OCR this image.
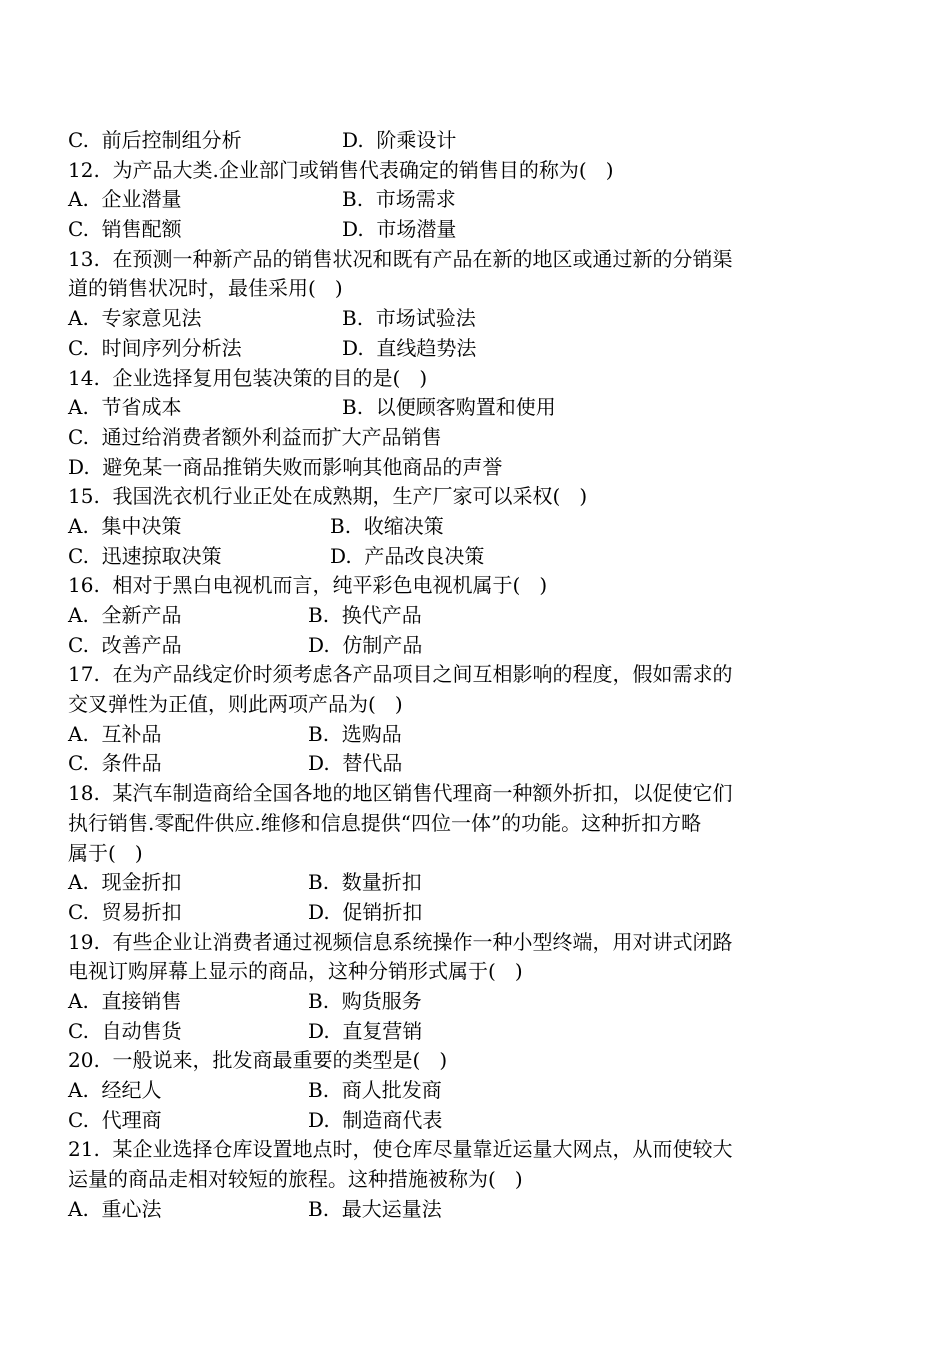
C.  前后控制组分析	D.  阶乘设计
12.  为产品大类.企业部门或销售代表确定的销售目的称为(   )
A.  企业潜量	B.  市场需求
C.  销售配额	D.  市场潜量
13.  在预测一种新产品的销售状况和既有产品在新的地区或通过新的分销渠
道的销售状况时，最佳采用(   )
A.  专家意见法	B.  市场试验法
C.  时间序列分析法	D.  直线趋势法
14.  企业选择复用包装决策的目的是(   )
A.  节省成本	B.  以便顾客购置和使用
C.  通过给消费者额外利益而扩大产品销售
D.  避免某一商品推销失败而影响其他商品的声誉
15.  我国洗衣机行业正处在成熟期，生产厂家可以采权(   )
A.  集中决策	B.  收缩决策
C.  迅速掠取决策	D.  产品改良决策
16.  相对于黑白电视机而言，纯平彩色电视机属于(   )
A.  全新产品	B.  换代产品
C.  改善产品	D.  仿制产品
17.  在为产品线定价时须考虑各产品项目之间互相影响的程度，假如需求的
交叉弹性为正值，则此两项产品为(   )
A.  互补品	B.  选购品
C.  条件品	D.  替代品
18.  某汽车制造商给全国各地的地区销售代理商一种额外折扣，以促使它们
执行销售.零配件供应.维修和信息提供“四位一体”的功能。这种折扣方略
属于(   )
A.  现金折扣	B.  数量折扣
C.  贸易折扣	D.  促销折扣
19.  有些企业让消费者通过视频信息系统操作一种小型终端，用对讲式闭路
电视订购屏幕上显示的商品，这种分销形式属于(   )
A.  直接销售	B.  购货服务
C.  自动售货	D.  直复营销
20.  一般说来，批发商最重要的类型是(   )
A.  经纪人	B.  商人批发商
C.  代理商	D.  制造商代表
21.  某企业选择仓库设置地点时，使仓库尽量靠近运量大网点，从而使较大
运量的商品走相对较短的旅程。这种措施被称为(   )
A.  重心法	B.  最大运量法
